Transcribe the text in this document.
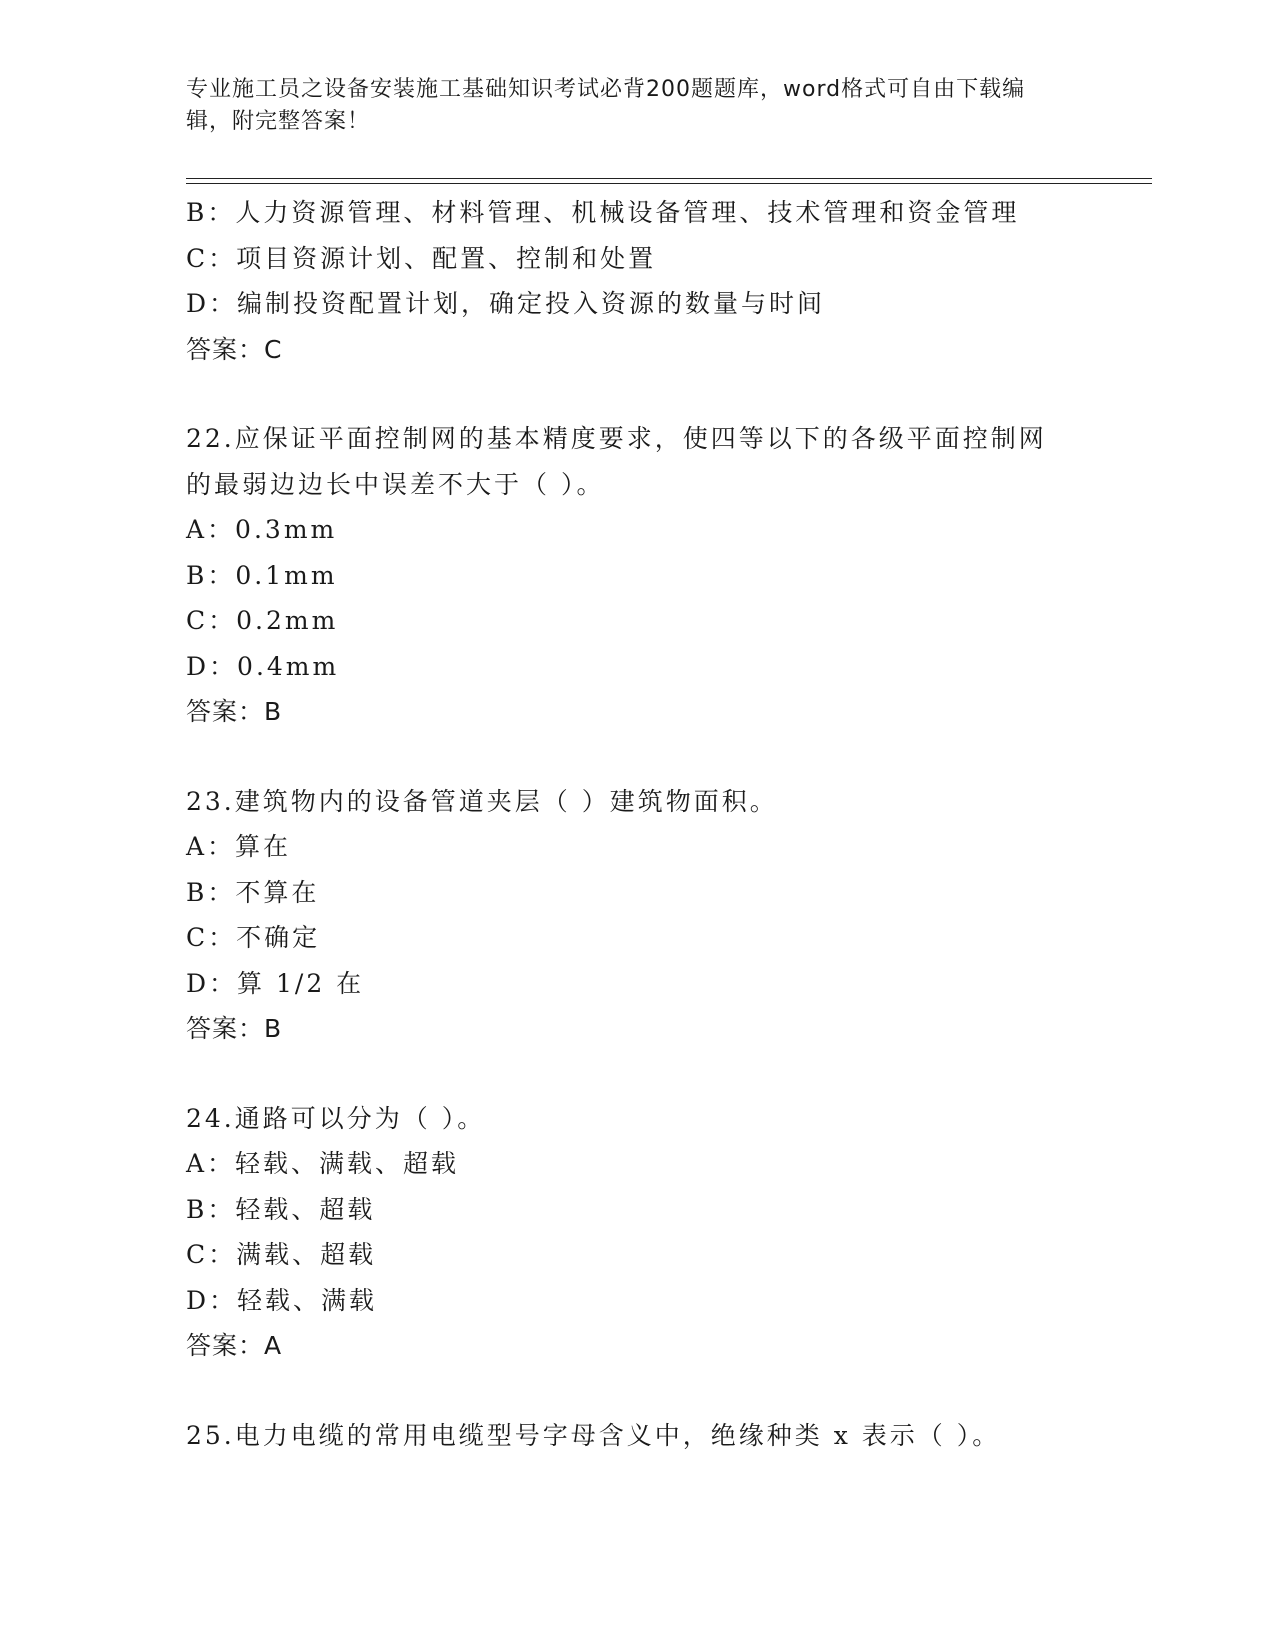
专业施工员之设备安装施工基础知识考试必背200题题库，word格式可自由下载编辑，附完整答案！
B：人力资源管理、材料管理、机械设备管理、技术管理和资金管理
C：项目资源计划、配置、控制和处置
D：编制投资配置计划，确定投入资源的数量与时间
答案：C
22.应保证平面控制网的基本精度要求，使四等以下的各级平面控制网
的最弱边边长中误差不大于（ ）。
A：0.3mm
B：0.1mm
C：0.2mm
D：0.4mm
答案：B
23.建筑物内的设备管道夹层（ ）建筑物面积。
A：算在
B：不算在
C：不确定
D：算 1/2 在
答案：B
24.通路可以分为（ ）。
A：轻载、满载、超载
B：轻载、超载
C：满载、超载
D：轻载、满载
答案：A
25.电力电缆的常用电缆型号字母含义中，绝缘种类 x 表示（ ）。
